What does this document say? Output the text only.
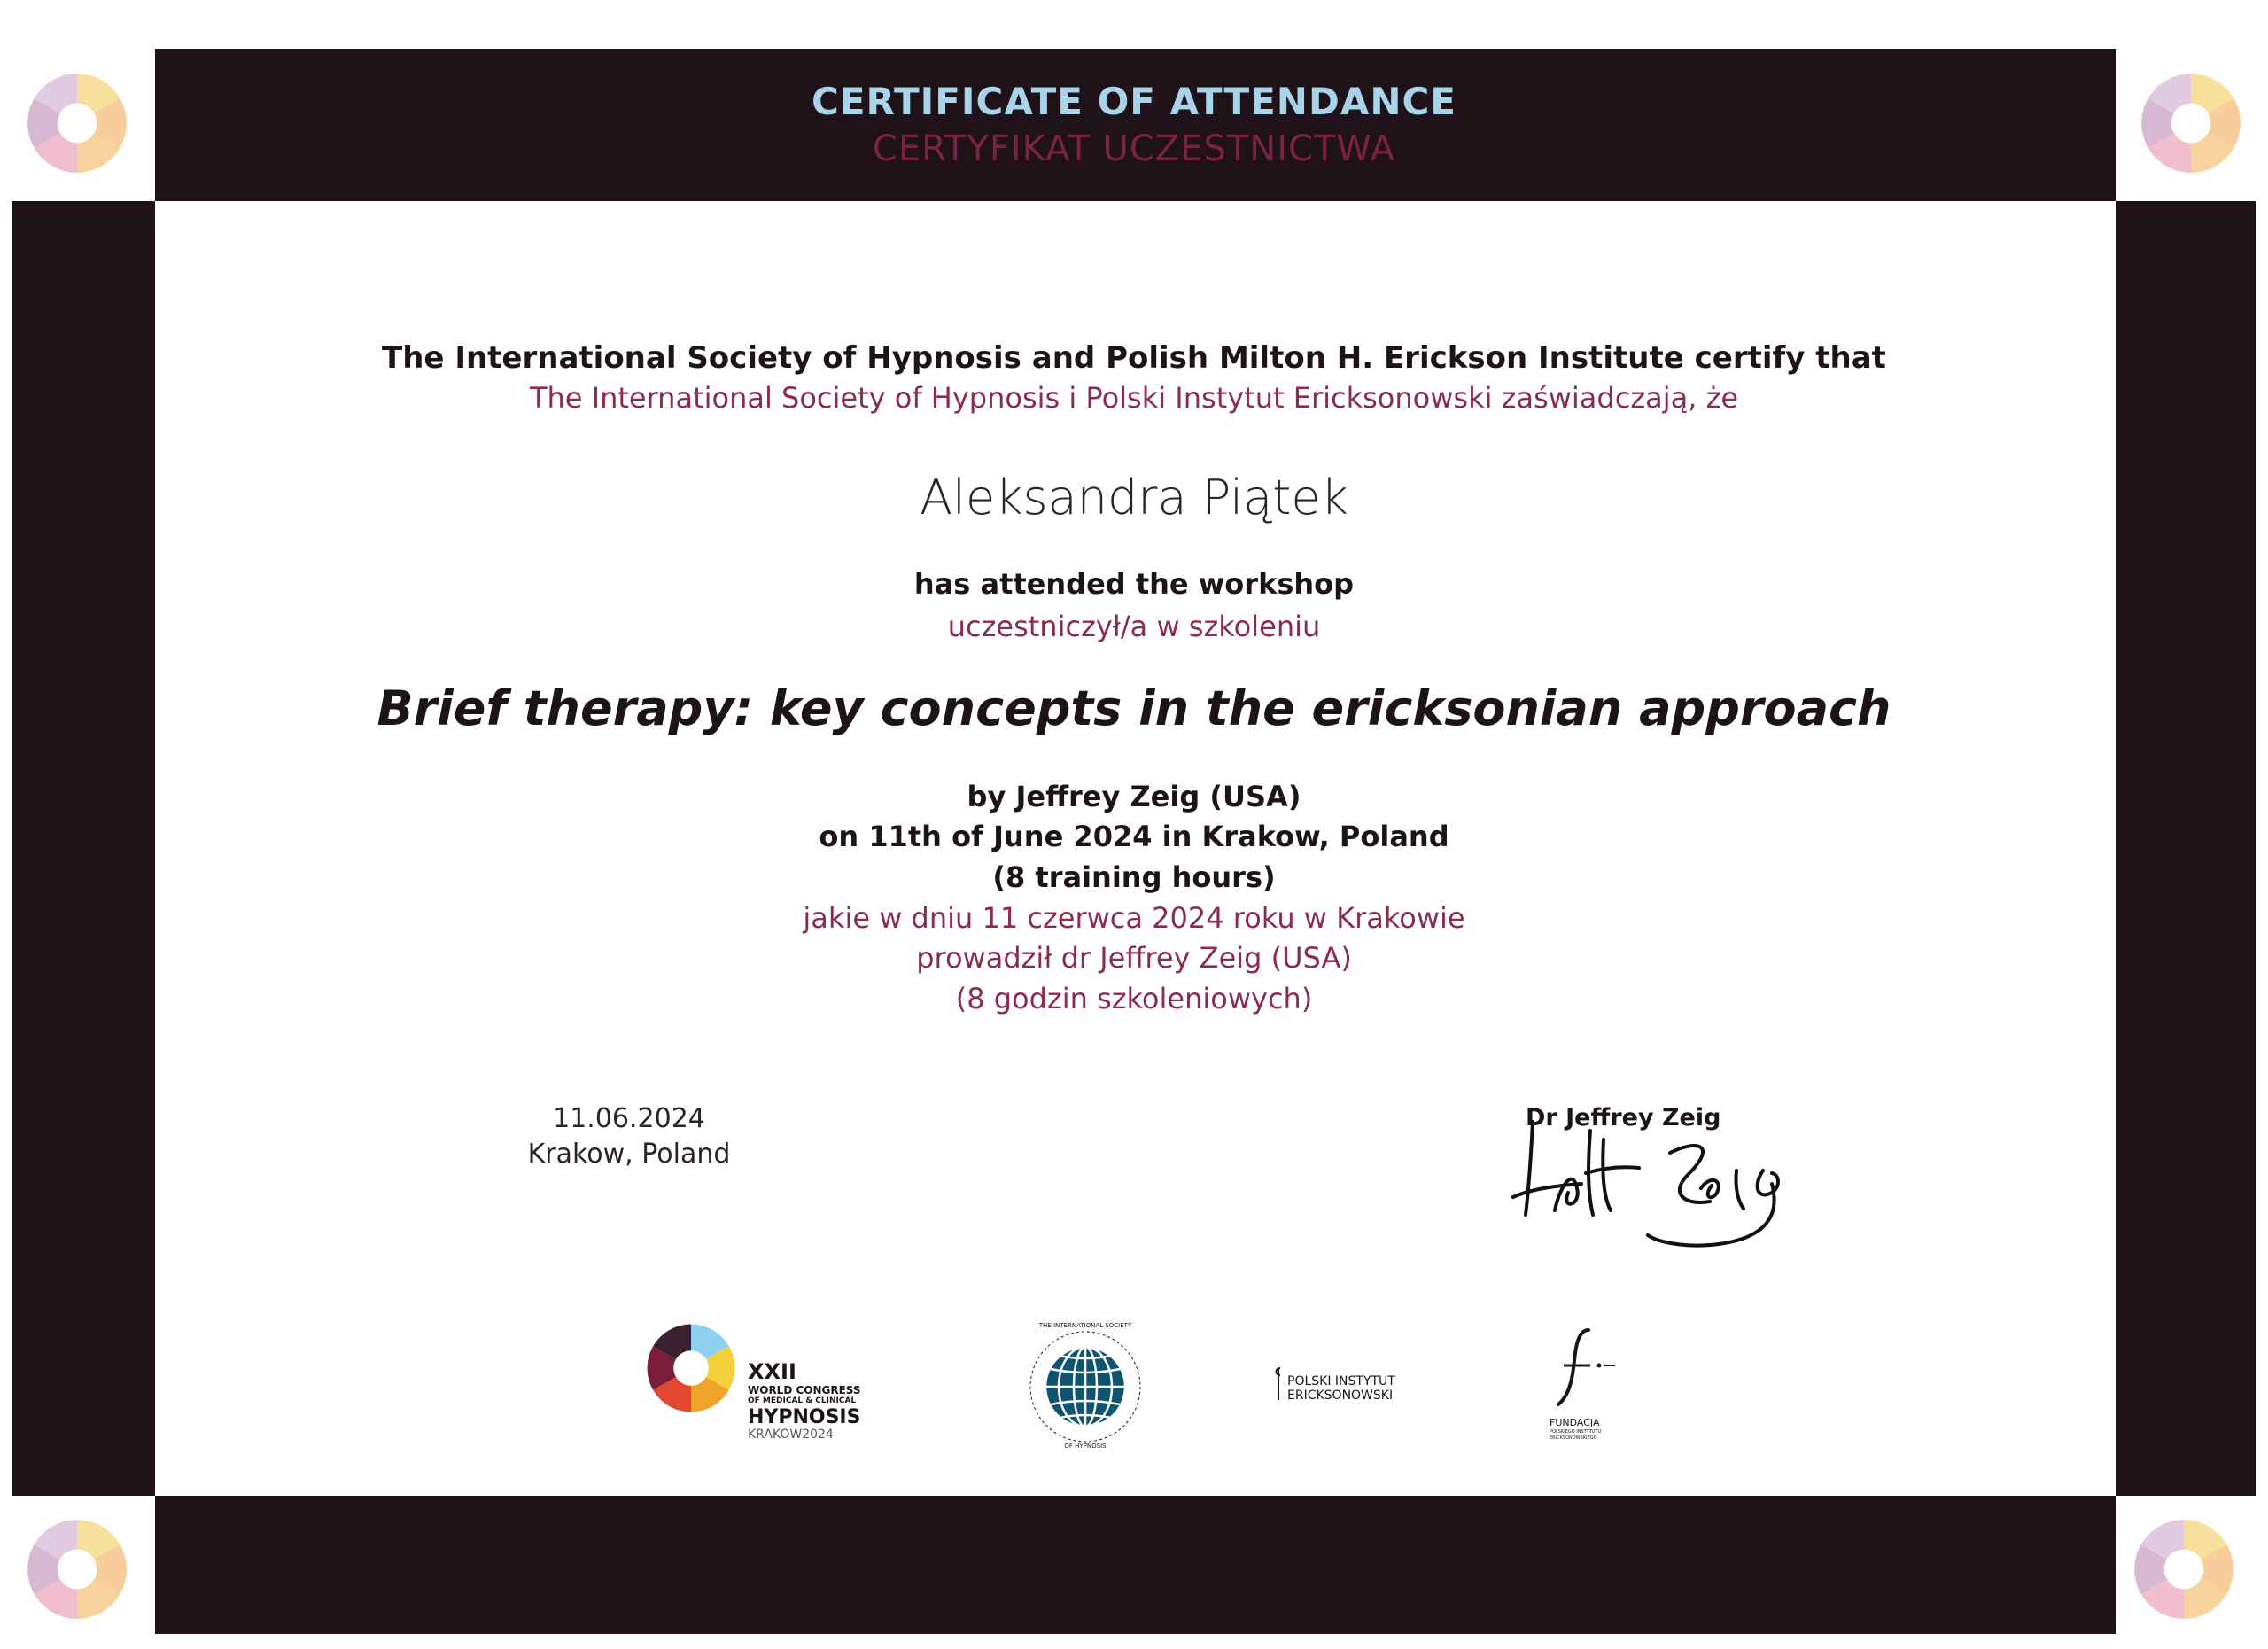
CERTIFICATE OF ATTENDANCE
CERTYFIKAT UCZESTNICTWA
The International Society of Hypnosis and Polish Milton H. Erickson Institute certify that
The International Society of Hypnosis i Polski Instytut Ericksonowski zaświadczają, że
Aleksandra Piątek
has attended the workshop
uczestniczył/a w szkoleniu
Brief therapy: key concepts in the ericksonian approach
by Jeffrey Zeig (USA)
on 11th of June 2024 in Krakow, Poland
(8 training hours)
jakie w dniu 11 czerwca 2024 roku w Krakowie
prowadził dr Jeffrey Zeig (USA)
(8 godzin szkoleniowych)
11.06.2024
Krakow, Poland
Dr Jeffrey Zeig
XXII
WORLD CONGRESS
OF MEDICAL & CLINICAL
HYPNOSIS
KRAKOW2024
THE INTERNATIONAL SOCIETY
OF HYPNOSIS
POLSKI INSTYTUT
ERICKSONOWSKI
FUNDACJA
POLSKIEGO INSTYTUTU
ERICKSONOWSKIEGO
